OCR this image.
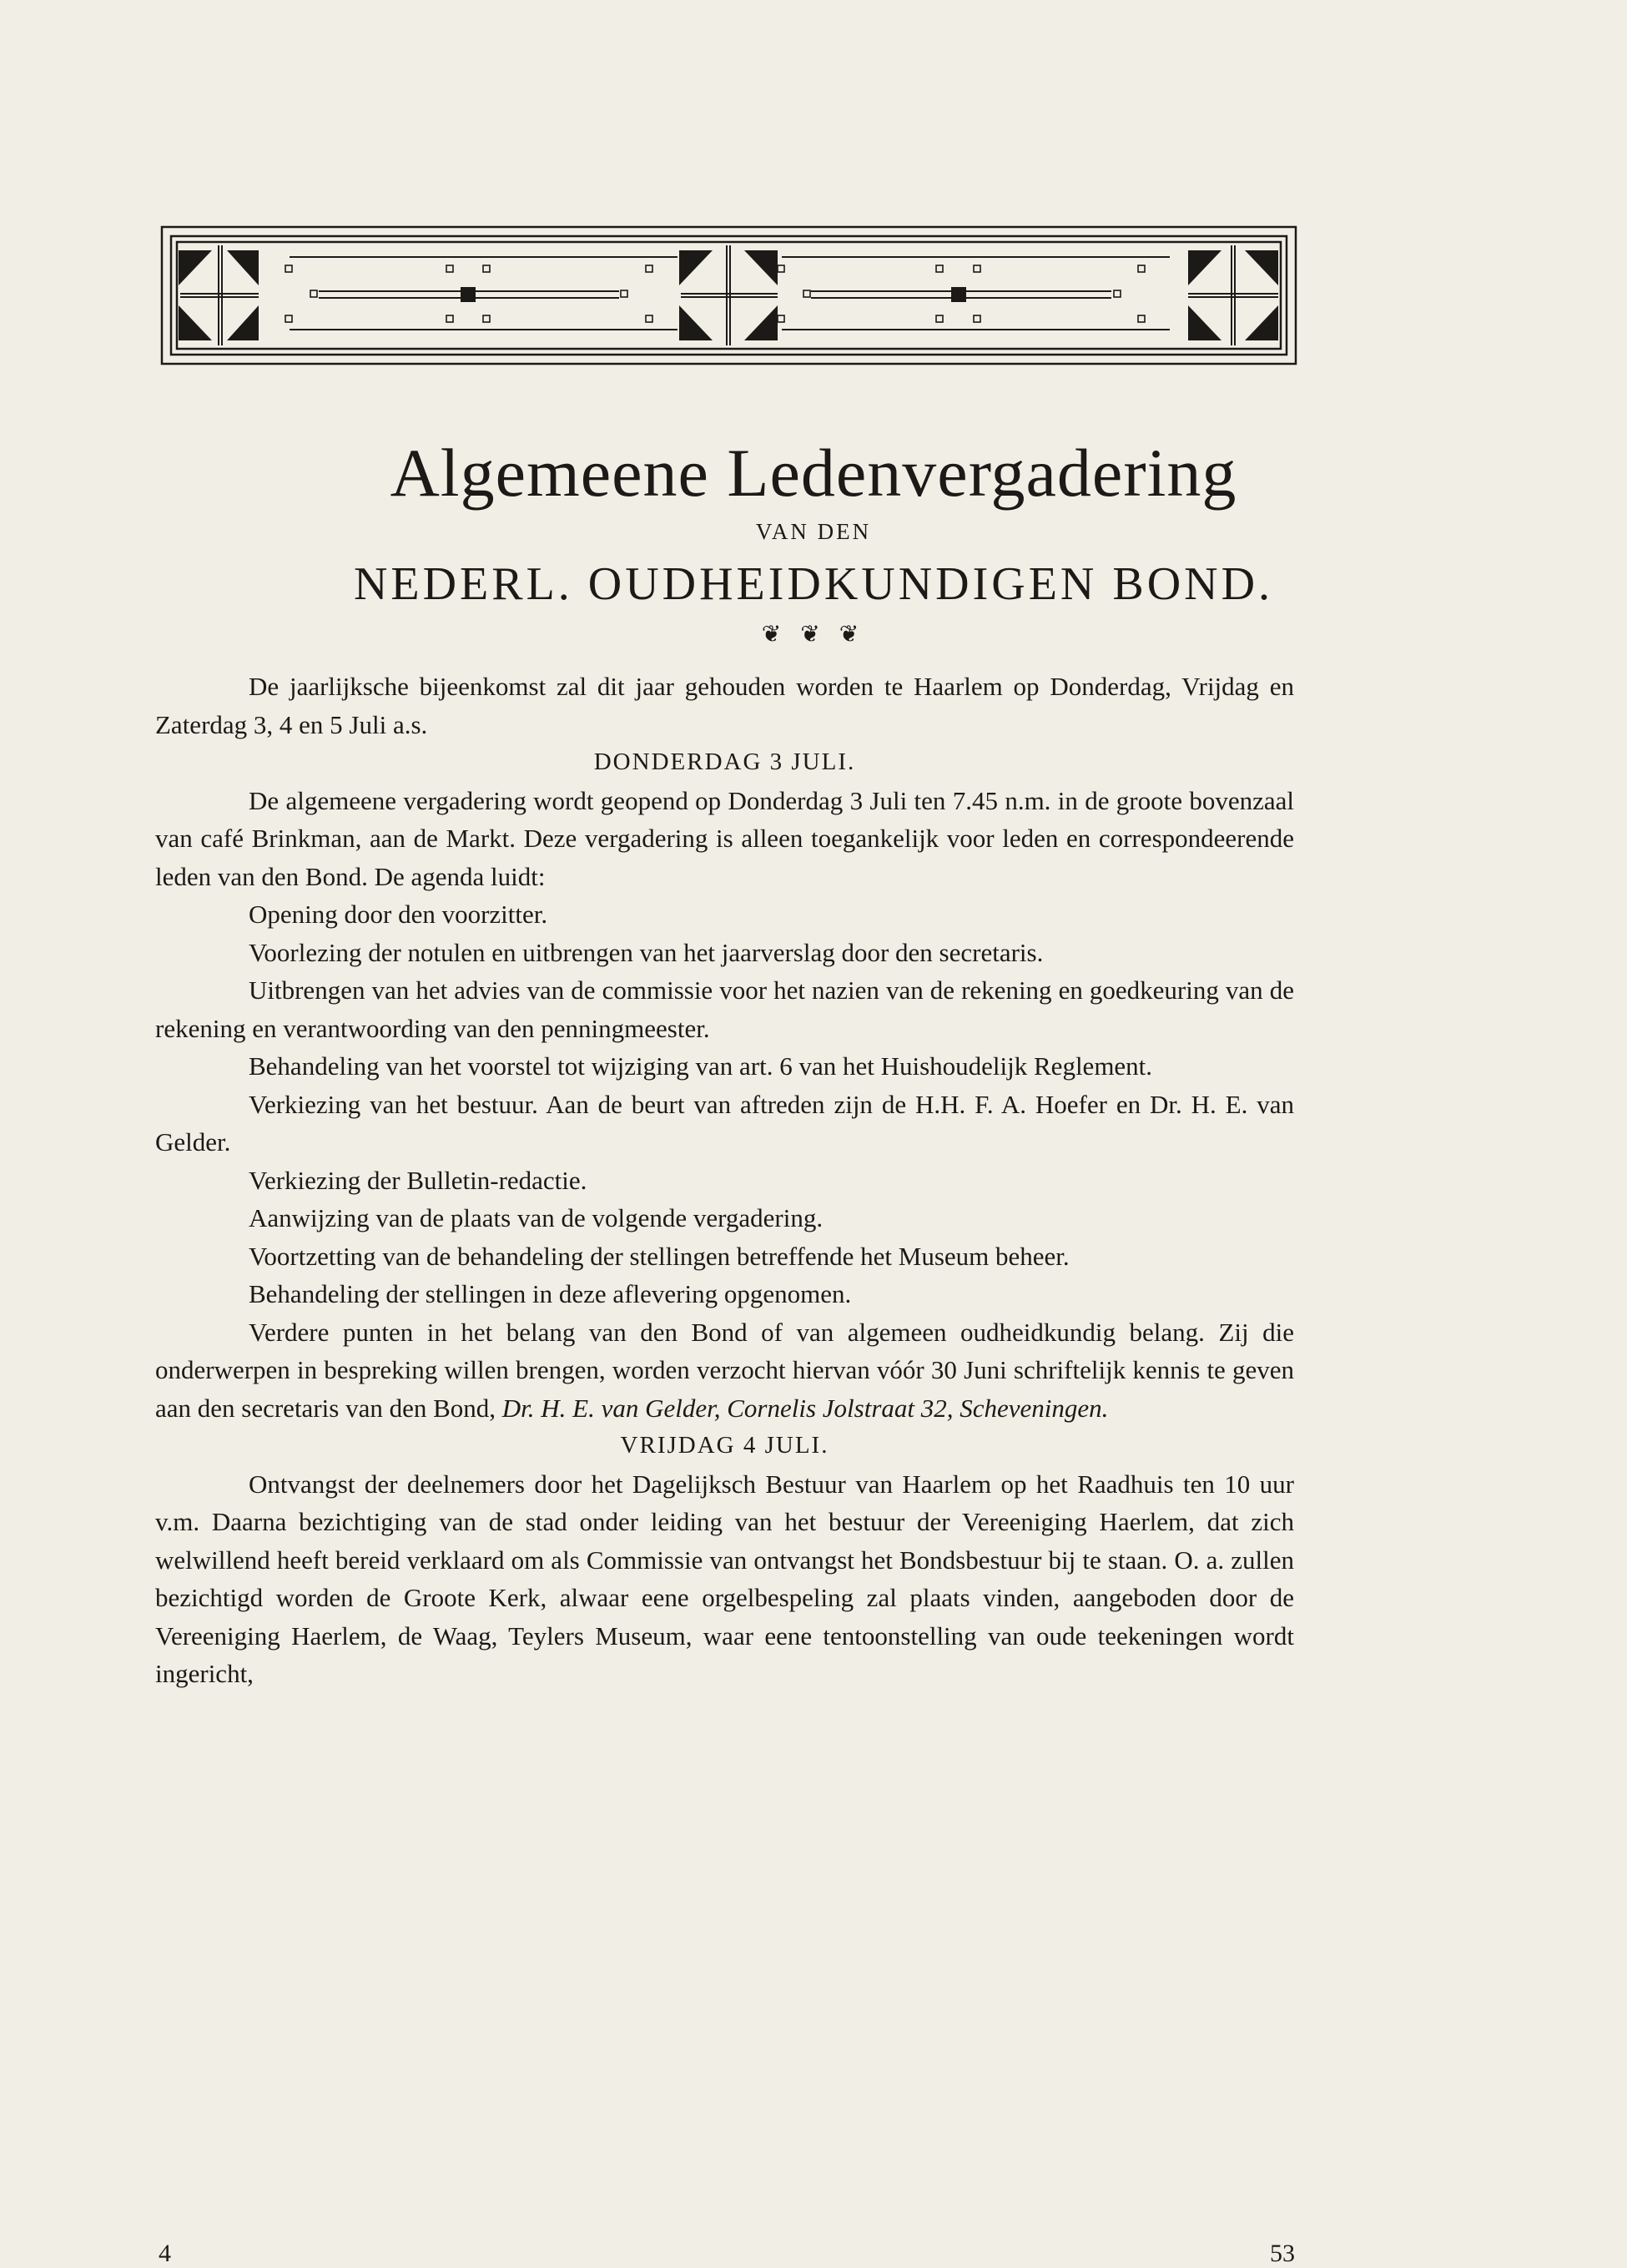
Algemeene Ledenvergadering
VAN DEN
NEDERL. OUDHEIDKUNDIGEN BOND.
❦ ❦ ❦

De jaarlijksche bijeenkomst zal dit jaar gehouden worden te Haarlem op Donderdag, Vrijdag en Zaterdag 3, 4 en 5 Juli a.s.

DONDERDAG 3 JULI.

De algemeene vergadering wordt geopend op Donderdag 3 Juli ten 7.45 n.m. in de groote bovenzaal van café Brinkman, aan de Markt. Deze vergadering is alleen toegankelijk voor leden en correspondeerende leden van den Bond. De agenda luidt:

Opening door den voorzitter.

Voorlezing der notulen en uitbrengen van het jaarverslag door den secretaris.

Uitbrengen van het advies van de commissie voor het nazien van de rekening en goedkeuring van de rekening en verantwoording van den penningmeester.

Behandeling van het voorstel tot wijziging van art. 6 van het Huishoudelijk Reglement.

Verkiezing van het bestuur. Aan de beurt van aftreden zijn de H.H. F. A. Hoefer en Dr. H. E. van Gelder.

Verkiezing der Bulletin-redactie.

Aanwijzing van de plaats van de volgende vergadering.

Voortzetting van de behandeling der stellingen betreffende het Museum beheer.

Behandeling der stellingen in deze aflevering opgenomen.

Verdere punten in het belang van den Bond of van algemeen oudheidkundig belang. Zij die onderwerpen in bespreking willen brengen, worden verzocht hiervan vóór 30 Juni schriftelijk kennis te geven aan den secretaris van den Bond, Dr. H. E. van Gelder, Cornelis Jolstraat 32, Scheveningen.

VRIJDAG 4 JULI.

Ontvangst der deelnemers door het Dagelijksch Bestuur van Haarlem op het Raadhuis ten 10 uur v.m. Daarna bezichtiging van de stad onder leiding van het bestuur der Vereeniging Haerlem, dat zich welwillend heeft bereid verklaard om als Commissie van ontvangst het Bondsbestuur bij te staan. O. a. zullen bezichtigd worden de Groote Kerk, alwaar eene orgelbespeling zal plaats vinden, aangeboden door de Vereeniging Haerlem, de Waag, Teylers Museum, waar eene tentoonstelling van oude teekeningen wordt ingericht,

4	53
